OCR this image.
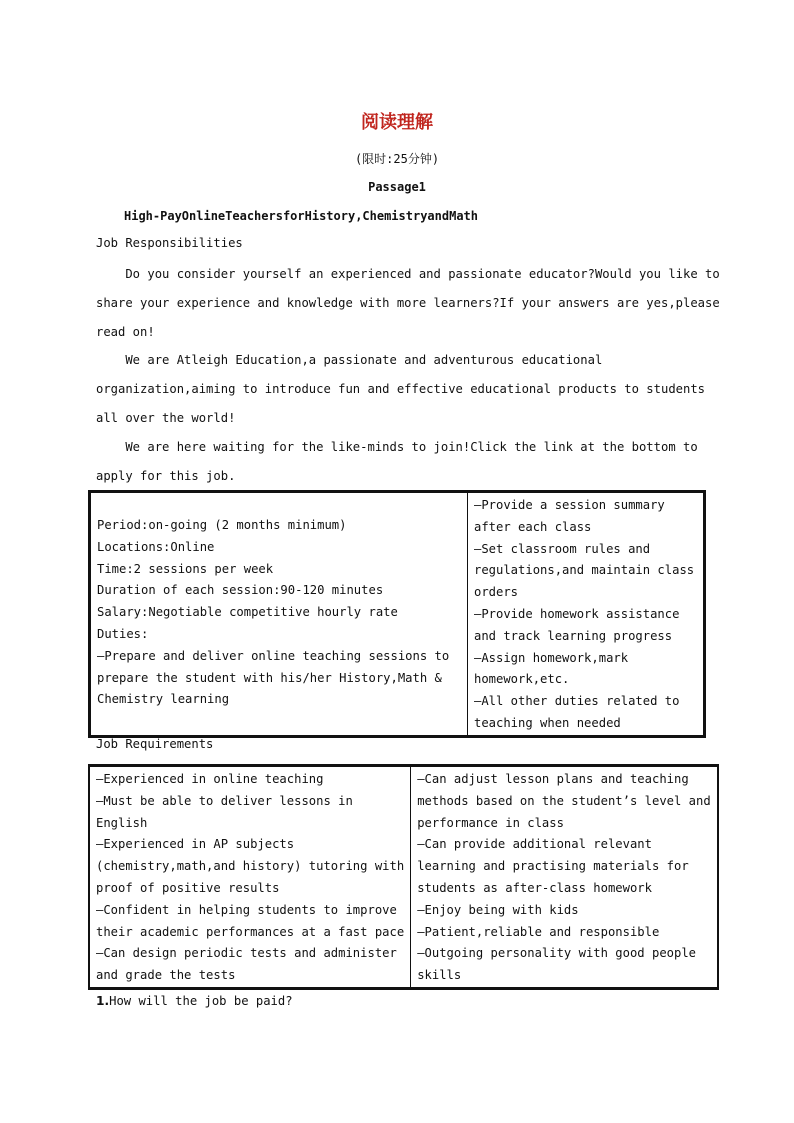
阅读理解
(限时:25分钟)
Passage1
High-PayOnlineTeachersforHistory,ChemistryandMath
Job Responsibilities
Do you consider yourself an experienced and passionate educator?Would you like to
share your experience and knowledge with more learners?If your answers are yes,please
read on!
We are Atleigh Education,a passionate and adventurous educational
organization,aiming to introduce fun and effective educational products to students
all over the world!
We are here waiting for the like-minds to join!Click the link at the bottom to
apply for this job.
Period:on-going (2 months minimum)
Locations:Online
Time:2 sessions per week
Duration of each session:90-120 minutes
Salary:Negotiable competitive hourly rate
Duties:
—Prepare and deliver online teaching sessions to
prepare the student with his/her History,Math &
Chemistry learning

—Provide a session summary
after each class
—Set classroom rules and
regulations,and maintain class
orders
—Provide homework assistance
and track learning progress
—Assign homework,mark
homework,etc.
—All other duties related to
teaching when needed
Job Requirements
—Experienced in online teaching
—Must be able to deliver lessons in
English
—Experienced in AP subjects
(chemistry,math,and history) tutoring with
proof of positive results
—Confident in helping students to improve
their academic performances at a fast pace
—Can design periodic tests and administer
and grade the tests

—Can adjust lesson plans and teaching
methods based on the student’s level and
performance in class
—Can provide additional relevant
learning and practising materials for
students as after-class homework
—Enjoy being with kids
—Patient,reliable and responsible
—Outgoing personality with good people
skills
1.How will the job be paid?
